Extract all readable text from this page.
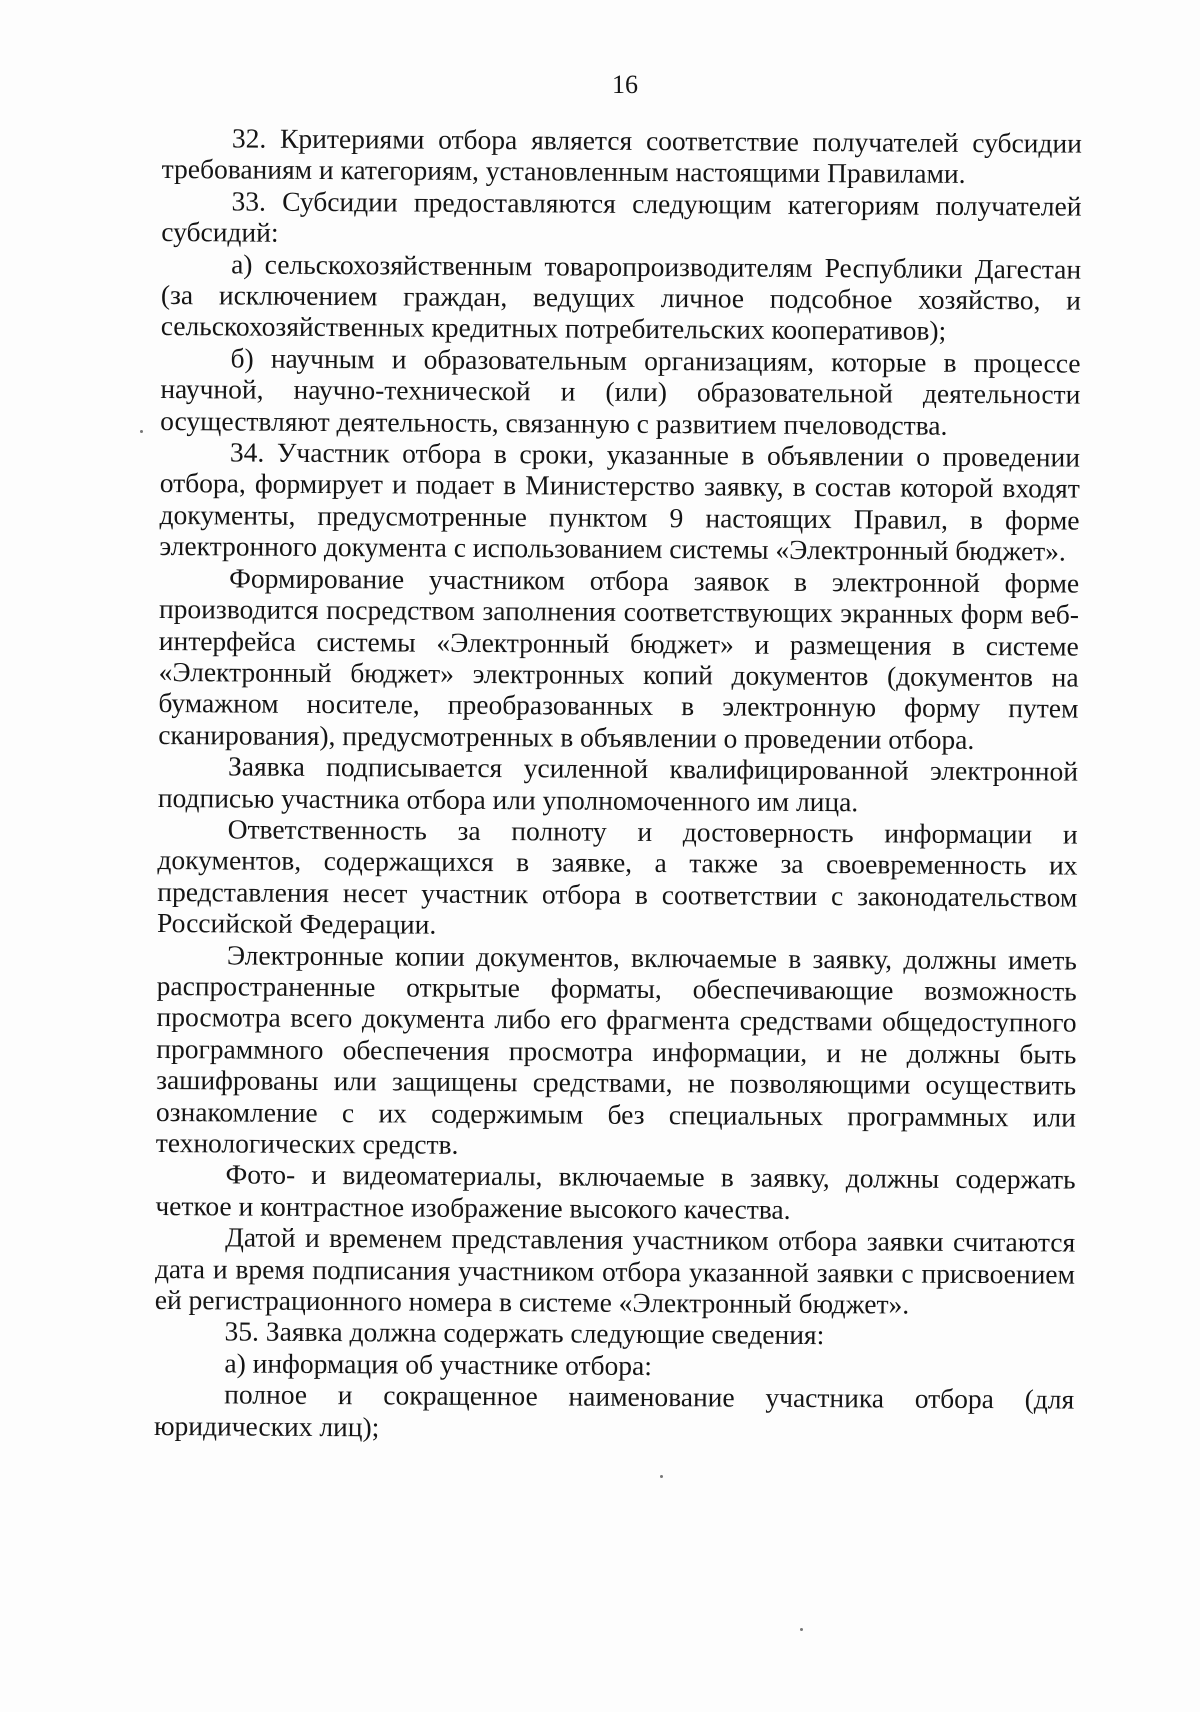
16

32. Критериями отбора является соответствие получателей субсидии требованиям и категориям, установленным настоящими Правилами.

33. Субсидии предоставляются следующим категориям получателей субсидий:

а) сельскохозяйственным товаропроизводителям Республики Дагестан (за исключением граждан, ведущих личное подсобное хозяйство, и сельскохозяйственных кредитных потребительских кооперативов);

б) научным и образовательным организациям, которые в процессе научной, научно-технической и (или) образовательной деятельности осуществляют деятельность, связанную с развитием пчеловодства.

34. Участник отбора в сроки, указанные в объявлении о проведении отбора, формирует и подает в Министерство заявку, в состав которой входят документы, предусмотренные пунктом 9 настоящих Правил, в форме электронного документа с использованием системы «Электронный бюджет».

Формирование участником отбора заявок в электронной форме производится посредством заполнения соответствующих экранных форм веб-интерфейса системы «Электронный бюджет» и размещения в системе «Электронный бюджет» электронных копий документов (документов на бумажном носителе, преобразованных в электронную форму путем сканирования), предусмотренных в объявлении о проведении отбора.

Заявка подписывается усиленной квалифицированной электронной подписью участника отбора или уполномоченного им лица.

Ответственность за полноту и достоверность информации и документов, содержащихся в заявке, а также за своевременность их представления несет участник отбора в соответствии с законодательством Российской Федерации.

Электронные копии документов, включаемые в заявку, должны иметь распространенные открытые форматы, обеспечивающие возможность просмотра всего документа либо его фрагмента средствами общедоступного программного обеспечения просмотра информации, и не должны быть зашифрованы или защищены средствами, не позволяющими осуществить ознакомление с их содержимым без специальных программных или технологических средств.

Фото- и видеоматериалы, включаемые в заявку, должны содержать четкое и контрастное изображение высокого качества.

Датой и временем представления участником отбора заявки считаются дата и время подписания участником отбора указанной заявки с присвоением ей регистрационного номера в системе «Электронный бюджет».

35. Заявка должна содержать следующие сведения:

а) информация об участнике отбора:

полное и сокращенное наименование участника отбора (для юридических лиц);
